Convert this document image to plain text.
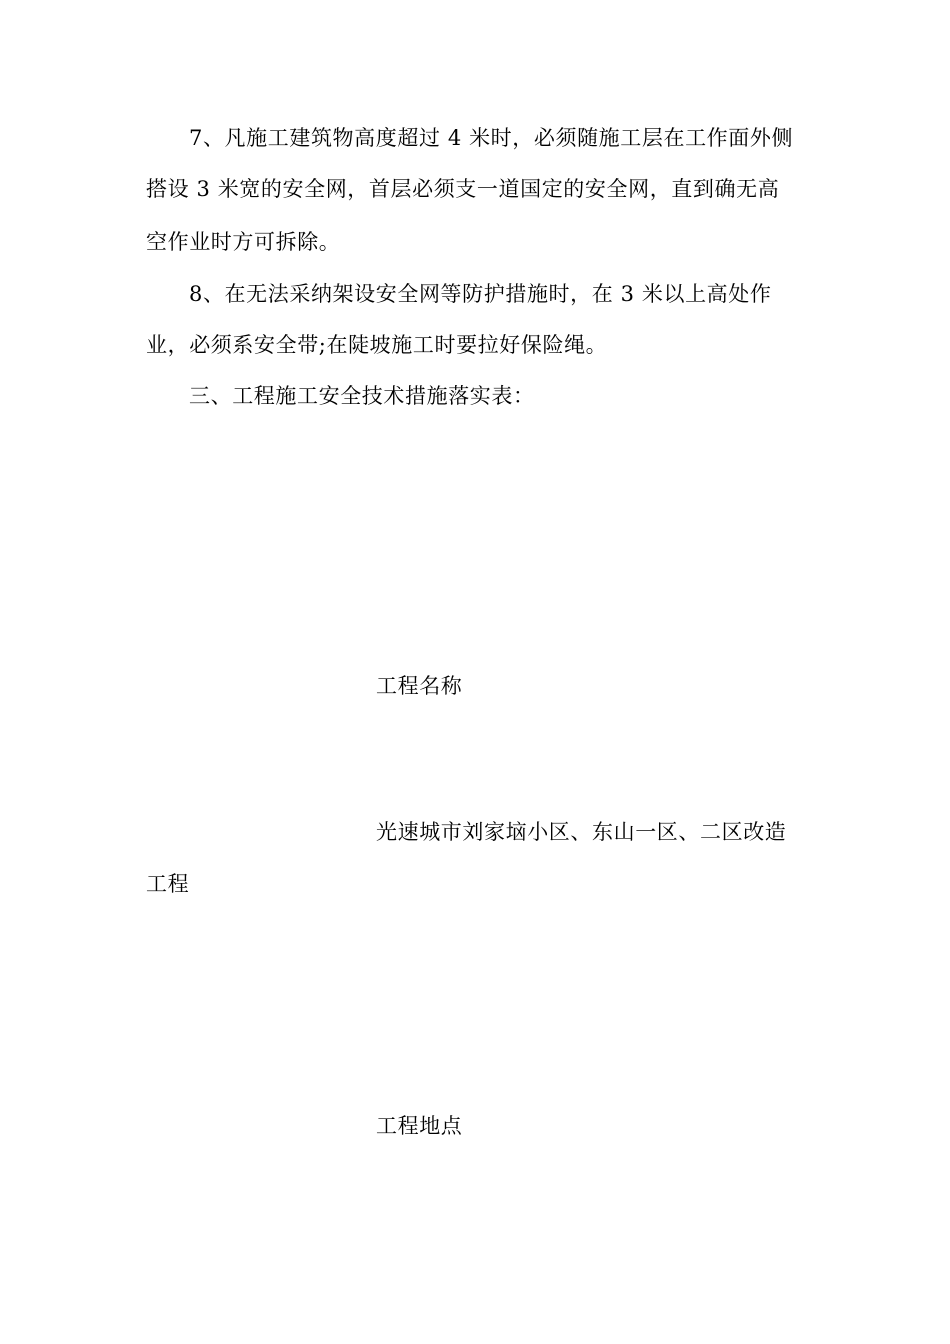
7、凡施工建筑物高度超过 4 米时，必须随施工层在工作面外侧
搭设 3 米宽的安全网，首层必须支一道国定的安全网，直到确无高
空作业时方可拆除。
8、在无法采纳架设安全网等防护措施时，在 3 米以上高处作
业，必须系安全带;在陡坡施工时要拉好保险绳。
三、工程施工安全技术措施落实表：
工程名称
光速城市刘家垴小区、东山一区、二区改造
工程
工程地点
